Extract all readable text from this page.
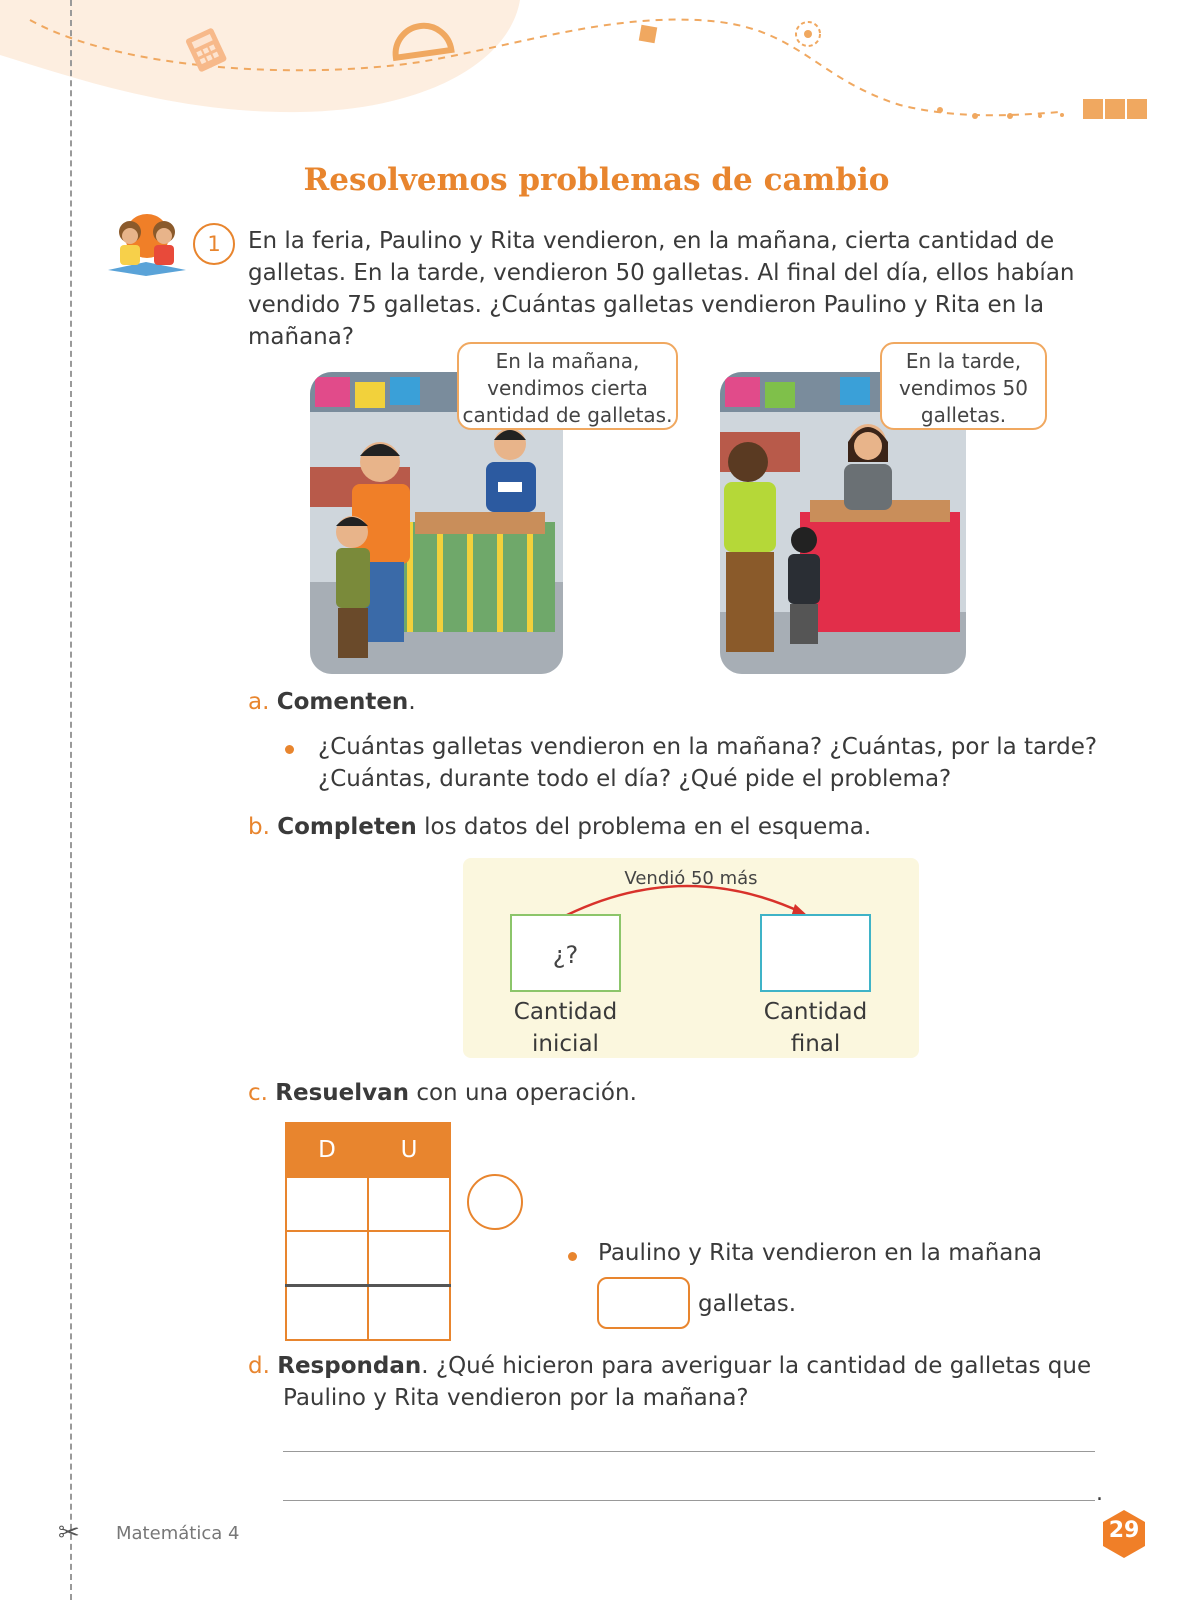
✂
Resolvemos problemas de cambio
1	En la feria, Paulino y Rita vendieron, en la mañana, cierta cantidad de
galletas. En la tarde, vendieron 50 galletas. Al final del día, ellos habían
vendido 75 galletas. ¿Cuántas galletas vendieron Paulino y Rita en la
mañana?
En la mañana,
vendimos cierta
cantidad de galletas.
En la tarde,
vendimos 50
galletas.
a. Comenten.
¿Cuántas galletas vendieron en la mañana? ¿Cuántas, por la tarde?
¿Cuántas, durante todo el día? ¿Qué pide el problema?
b. Completen los datos del problema en el esquema.
Vendió 50 más
¿?
Cantidad
inicial
Cantidad
final
c. Resuelvan con una operación.
D	U

Paulino y Rita vendieron en la mañana
galletas.
d. Respondan. ¿Qué hicieron para averiguar la cantidad de galletas que
Paulino y Rita vendieron por la mañana?
.
Matemática 4	29
